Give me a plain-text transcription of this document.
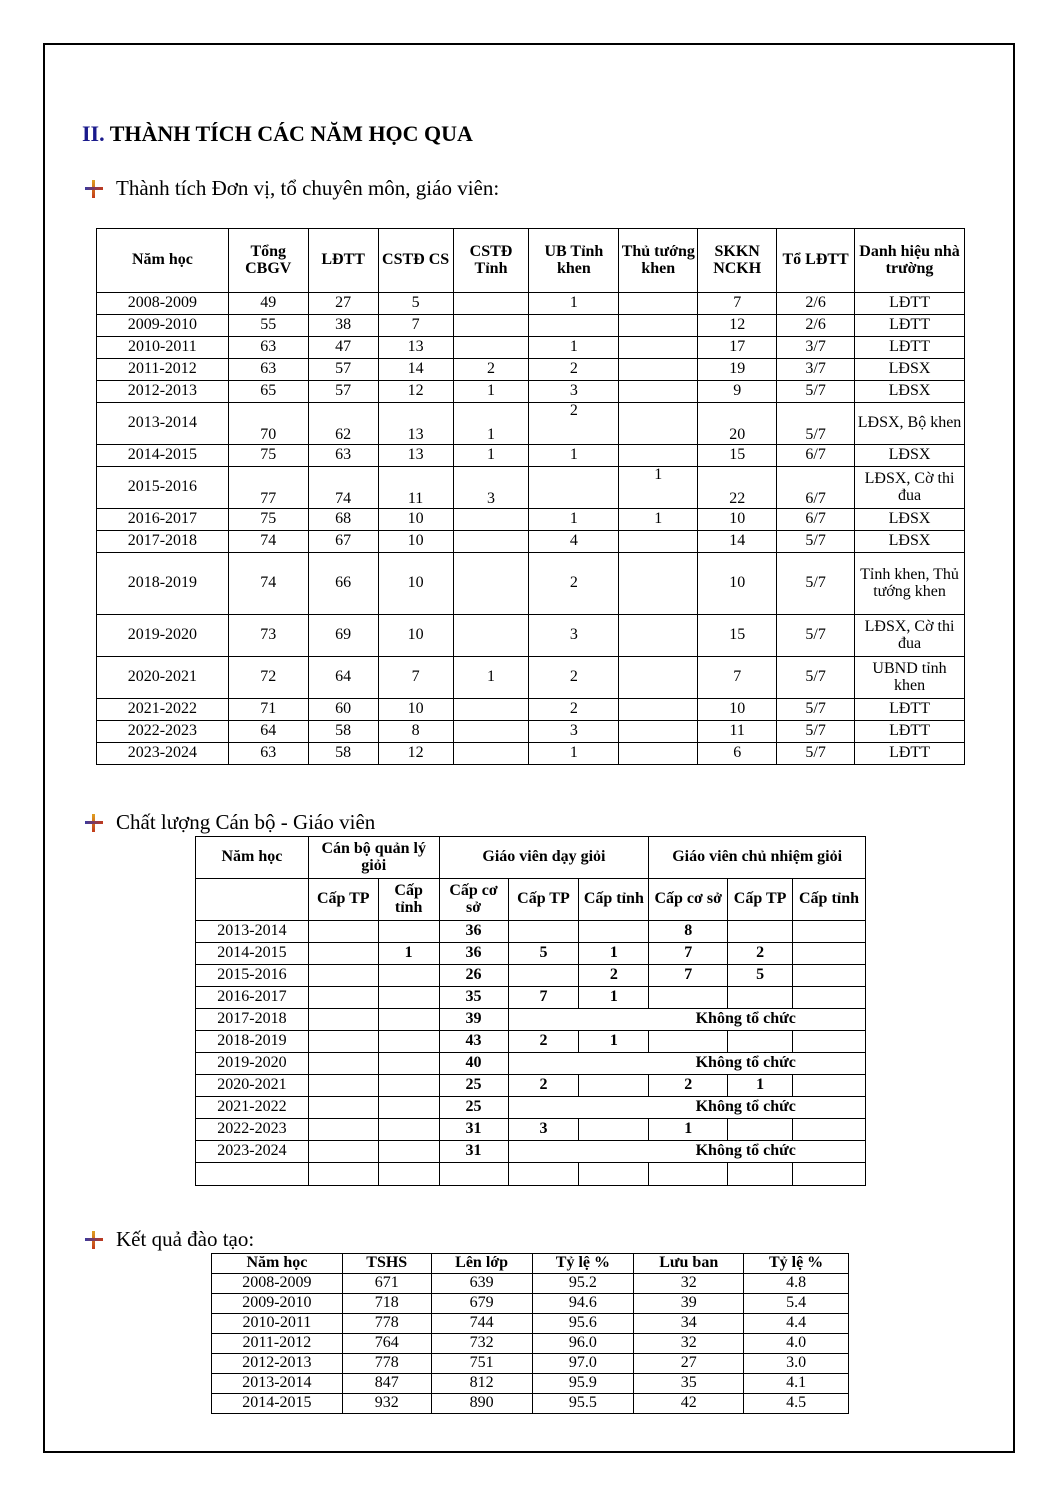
II. THÀNH TÍCH CÁC NĂM HỌC QUA
Thành tích Đơn vị, tổ chuyên môn, giáo viên:
Năm học	Tổng CBGV	LĐTT	CSTĐ CS	CSTĐ Tỉnh	UB Tỉnh khen	Thủ tướng khen	SKKN NCKH	Tổ LĐTT	Danh hiệu nhà trường
2008-2009	49	27	5		1		7	2/6	LĐTT
2009-2010	55	38	7				12	2/6	LĐTT
2010-2011	63	47	13		1		17	3/7	LĐTT
2011-2012	63	57	14	2	2		19	3/7	LĐSX
2012-2013	65	57	12	1	3		9	5/7	LĐSX
2013-2014	70	62	13	1	2		20	5/7	LĐSX, Bộ khen
2014-2015	75	63	13	1	1		15	6/7	LĐSX
2015-2016	77	74	11	3		1	22	6/7	LĐSX, Cờ thi đua
2016-2017	75	68	10		1	1	10	6/7	LĐSX
2017-2018	74	67	10		4		14	5/7	LĐSX
2018-2019	74	66	10		2		10	5/7	Tỉnh khen, Thủ tướng khen
2019-2020	73	69	10		3		15	5/7	LĐSX, Cờ thi đua
2020-2021	72	64	7	1	2		7	5/7	UBND tỉnh khen
2021-2022	71	60	10		2		10	5/7	LĐTT
2022-2023	64	58	8		3		11	5/7	LĐTT
2023-2024	63	58	12		1		6	5/7	LĐTT
Chất lượng Cán bộ - Giáo viên
Năm học	Cán bộ quản lý giỏi		Giáo viên dạy giỏi			Giáo viên chủ nhiệm giỏi		
	Cấp TP	Cấp tỉnh	Cấp cơ sở	Cấp TP	Cấp tỉnh	Cấp cơ sở	Cấp TP	Cấp tỉnh
2013-2014			36			8		
2014-2015		1	36	5	1	7	2	
2015-2016			26		2	7	5	
2016-2017			35	7	1			
2017-2018			39	Không tổ chức				
2018-2019			43	2	1			
2019-2020			40	Không tổ chức				
2020-2021			25	2		2	1	
2021-2022			25	Không tổ chức				
2022-2023			31	3		1		
2023-2024			31	Không tổ chức				

Kết quả đào tạo:
Năm học	TSHS	Lên lớp	Tỷ lệ %	Lưu ban	Tỷ lệ %
2008-2009	671	639	95.2	32	4.8
2009-2010	718	679	94.6	39	5.4
2010-2011	778	744	95.6	34	4.4
2011-2012	764	732	96.0	32	4.0
2012-2013	778	751	97.0	27	3.0
2013-2014	847	812	95.9	35	4.1
2014-2015	932	890	95.5	42	4.5
